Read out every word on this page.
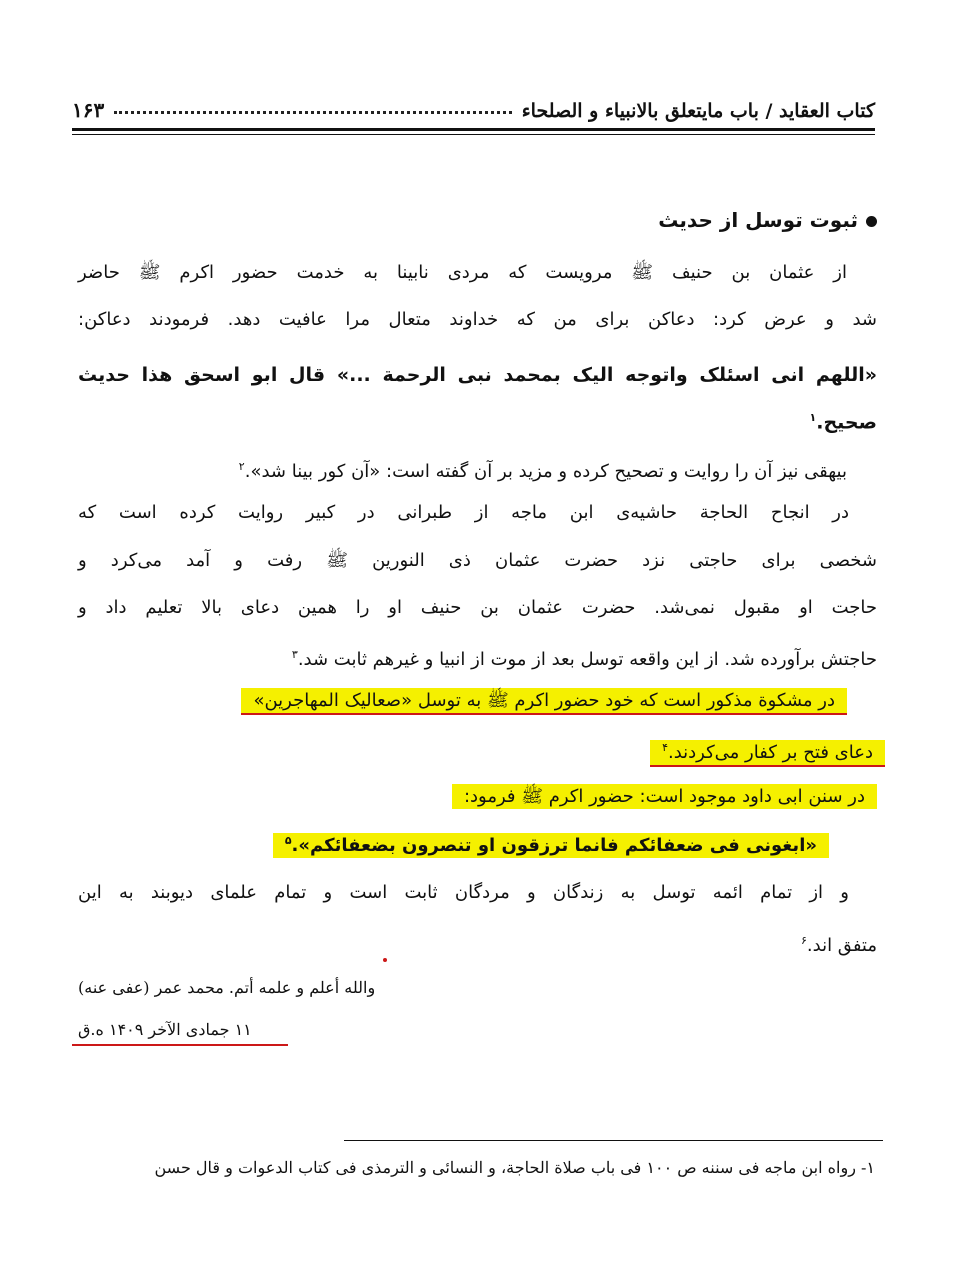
کتاب العقاید / باب مایتعلق بالانبیاء و الصلحاء
۱۶۳
ثبوت توسل از حدیث
از عثمان بن حنیف ﷺ مرویست که مردی نابینا به خدمت حضور اکرم ﷺ حاضر
شد و عرض کرد: دعاکن برای من که خداوند متعال مرا عافیت دهد. فرمودند دعاکن:
«اللهم انی اسئلک واتوجه الیک بمحمد نبی الرحمة ...» قال ابو اسحق هذا حدیث
صحیح.$^۱$
بیهقی نیز آن را روایت و تصحیح کرده و مزید بر آن گفته است: «آن کور بینا شد».$^۲$
در انجاح الحاجة حاشیه‌ی ابن ماجه از طبرانی در کبیر روایت کرده است که
شخصی برای حاجتی نزد حضرت عثمان ذی النورین ﷺ رفت و آمد می‌کرد و
حاجت او مقبول نمی‌شد. حضرت عثمان بن حنیف او را همین دعای بالا تعلیم داد و
حاجتش برآورده شد. از این واقعه توسل بعد از موت از انبیا و غیرهم ثابت شد.$^۳$
در مشکوة مذکور است که خود حضور اکرم ﷺ به توسل «صعالیک المهاجرین»
دعای فتح بر کفار می‌کردند.$^۴$
در سنن ابی داود موجود است: حضور اکرم ﷺ فرمود:
«ابغونی فی ضعفائکم فانما ترزقون او تنصرون بضعفائکم».$^۵$
و از تمام ائمه توسل به زندگان و مردگان ثابت است و تمام علمای دیوبند به این
متفق اند.$^۶$
والله أعلم و علمه أتم. محمد عمر (عفی عنه)
۱۱ جمادی الآخر ۱۴۰۹ ه.ق
۱- رواه ابن ماجه فی سننه ص ۱۰۰ فی باب صلاة الحاجة، و النسائی و الترمذی فی کتاب الدعوات و قال حسن
